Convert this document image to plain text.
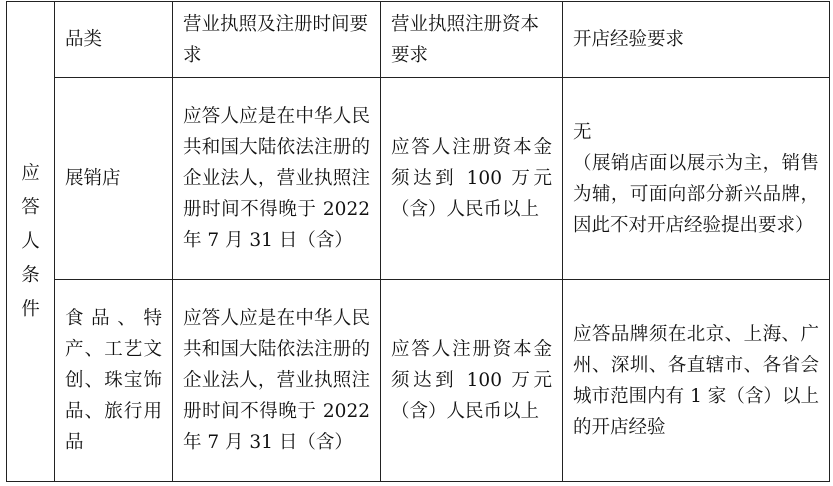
应答人条件	品类	营业执照及注册时间要求	营业执照注册资本要求	开店经验要求
	展销店	应答人应是在中华人民共和国大陆依法注册的企业法人，营业执照注册时间不得晚于 2022 年 7 月 31 日（含）	应答人注册资本金须达到 100 万元（含）人民币以上	无
（展销店面以展示为主，销售为辅，可面向部分新兴品牌，因此不对开店经验提出要求）

	食品、特产、工艺文创、珠宝饰品、旅行用品	应答人应是在中华人民共和国大陆依法注册的企业法人，营业执照注册时间不得晚于 2022 年 7 月 31 日（含）	应答人注册资本金须达到 100 万元（含）人民币以上	应答品牌须在北京、上海、广州、深圳、各直辖市、各省会城市范围内有 1 家（含）以上的开店经验
